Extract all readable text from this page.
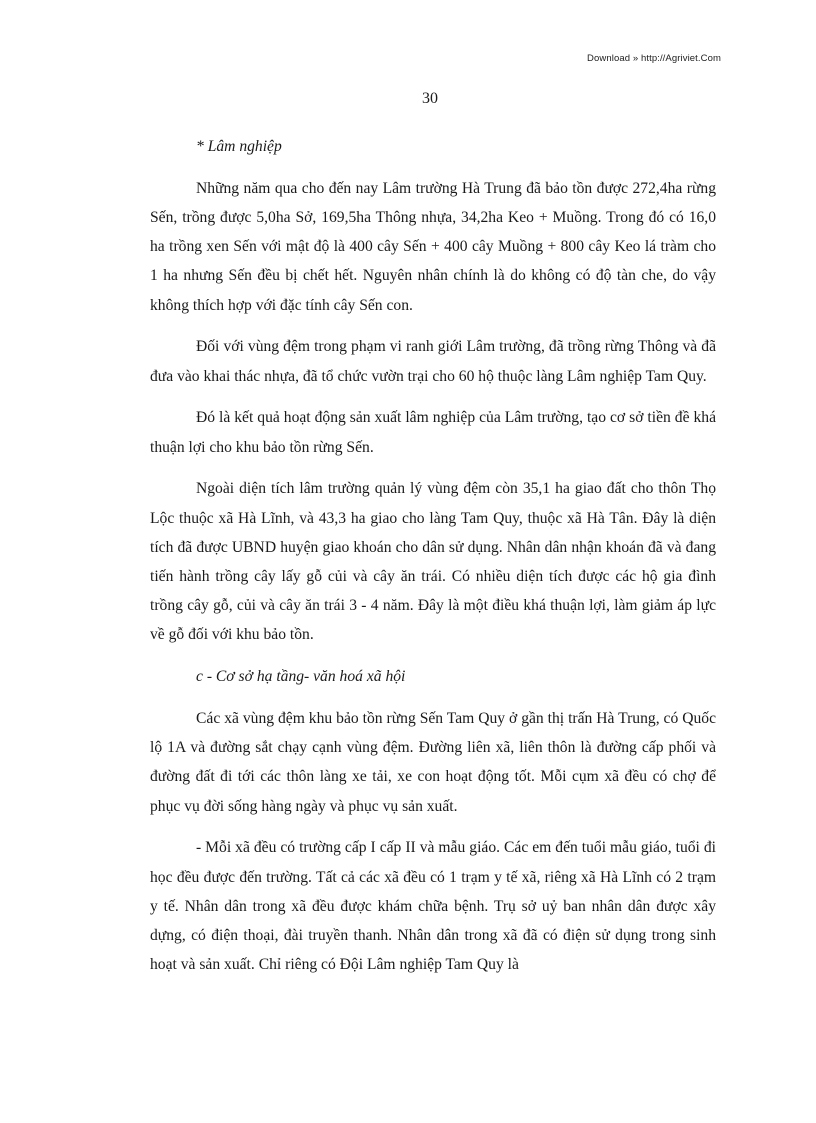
Download » http://Agriviet.Com
30

* Lâm nghiệp

Những năm qua cho đến nay Lâm trường Hà Trung đã bảo tồn được 272,4ha rừng Sến, trồng được 5,0ha Sở, 169,5ha Thông nhựa, 34,2ha Keo + Muồng. Trong đó có 16,0 ha trồng xen Sến với mật độ là 400 cây Sến + 400 cây Muồng + 800 cây Keo lá tràm cho 1 ha nhưng Sến đều bị chết hết. Nguyên nhân chính là do không có độ tàn che, do vậy không thích hợp với đặc tính cây Sến con.

Đối với vùng đệm trong phạm vi ranh giới Lâm trường, đã trồng rừng Thông và đã đưa vào khai thác nhựa, đã tổ chức vườn trại cho 60 hộ thuộc làng Lâm nghiệp Tam Quy.

Đó là kết quả hoạt động sản xuất lâm nghiệp của Lâm trường, tạo cơ sở tiền đề khá thuận lợi cho khu bảo tồn rừng Sến.

Ngoài diện tích lâm trường quản lý vùng đệm còn 35,1 ha giao đất cho thôn Thọ Lộc thuộc xã Hà Lĩnh, và 43,3 ha giao cho làng Tam Quy, thuộc xã Hà Tân. Đây là diện tích đã được UBND huyện giao khoán cho dân sử dụng. Nhân dân nhận khoán đã và đang tiến hành trồng cây lấy gỗ củi và cây ăn trái. Có nhiều diện tích được các hộ gia đình trồng cây gỗ, củi và cây ăn trái 3 - 4 năm. Đây là một điều khá thuận lợi, làm giảm áp lực về gỗ đối với khu bảo tồn.

c - Cơ sở hạ tầng- văn hoá xã hội

Các xã vùng đệm khu bảo tồn rừng Sến Tam Quy ở gần thị trấn Hà Trung, có Quốc lộ 1A và đường sắt chạy cạnh vùng đệm. Đường liên xã, liên thôn là đường cấp phối và đường đất đi tới các thôn làng xe tải, xe con hoạt động tốt. Mỗi cụm xã đều có chợ để phục vụ đời sống hàng ngày và phục vụ sản xuất.

- Mỗi xã đều có trường cấp I cấp II và mẫu giáo. Các em đến tuổi mẫu giáo, tuổi đi học đều được đến trường. Tất cả các xã đều có 1 trạm y tế xã, riêng xã Hà Lĩnh có 2 trạm y tế. Nhân dân trong xã đều được khám chữa bệnh. Trụ sở uỷ ban nhân dân được xây dựng, có điện thoại, đài truyền thanh. Nhân dân trong xã đã có điện sử dụng trong sinh hoạt và sản xuất. Chỉ riêng có Đội Lâm nghiệp Tam Quy là
